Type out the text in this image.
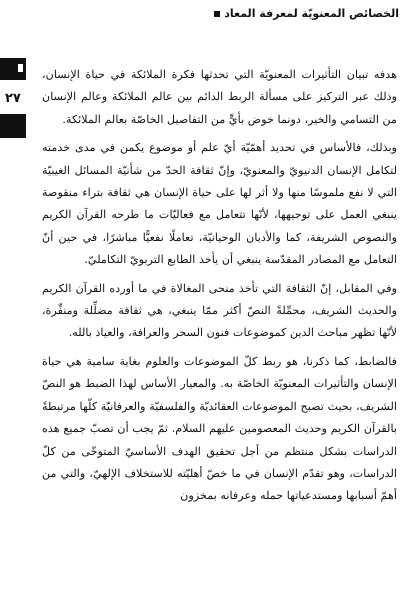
الخصائص المعنويّة لمعرفة المعاد
٢٧

هدفه تبيان التأثيرات المعنويّة التي تحدثها فكرة الملائكة في حياة الإنسان، وذلك عبر التركيز على مسألة الربط الدائم بين عالم الملائكة وعالم الإنسان من التسامي والخير، دونما خوض بأيٍّ من التفاصيل الخاصّة بعالم الملائكة.

وبذلك، فالأساس في تحديد أهمّيّة أيّ علم أو موضوع يكمن في مدى خدمته لتكامل الإنسان الدنيويّ والمعنويّ، وإنّ ثقافة الحدّ من شأنيّة المسائل الغيبيّة التي لا نفع ملموسًا منها ولا أثر لها على حياة الإنسان هي ثقافة بتراء منقوصة ينبغي العمل على توجيهها، لأنّها تتعامل مع فعاليّات ما طرحه القرآن الكريم والنصوص الشريفة، كما والأديان الوحيانيّة، تعاملًا نفعيًّا مباشرًا، في حين أنّ التعامل مع المصادر المقدّسة ينبغي أن يأخذ الطابع التربويّ التكامليّ.

وفي المقابل، إنّ الثقافة التي تأخذ منحى المغالاة في ما أورده القرآن الكريم والحديث الشريف، محمِّلةً النصّ أكثر ممّا ينبغي، هي ثقافة مضلِّلة ومنفِّرة، لأنّها تظهر مباحث الدين كموضوعات فنون السحر والعرافة، والعياذ بالله.

فالضابط، كما ذكرنا، هو ربط كلّ الموضوعات والعلوم بغاية سامية هي حياة الإنسان والتأثيرات المعنويّة الخاصّة به. والمعيار الأساس لهذا الضبط هو النصّ الشريف، بحيث تصبح الموضوعات العقائديّة والفلسفيّة والعرفانيّة كلّها مرتبطةً بالقرآن الكريم وحديث المعصومين عليهم السلام. ثمّ يجب أن تصبّ جميع هذه الدراسات بشكل منتظم من أجل تحقيق الهدف الأساسيّ المتوخّى من كلّ الدراسات، وهو تقدّم الإنسان في ما خصّ أهليّته للاستخلاف الإلهيّ، والتي من أهمّ أسبابها ومستدعياتها حمله وعرفانه بمخزون
